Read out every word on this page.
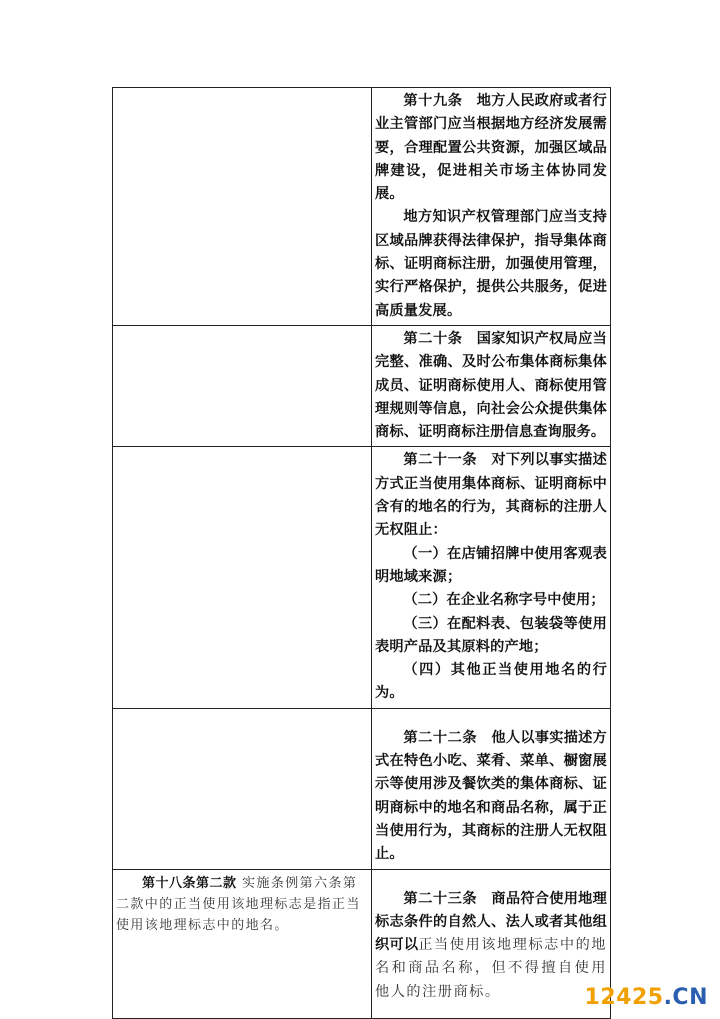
	第十九条 地方人民政府或者行业主管部门应当根据地方经济发展需要，合理配置公共资源，加强区域品牌建设，促进相关市场主体协同发展。

地方知识产权管理部门应当支持区域品牌获得法律保护，指导集体商标、证明商标注册，加强使用管理，实行严格保护，提供公共服务，促进高质量发展。

	第二十条 国家知识产权局应当完整、准确、及时公布集体商标集体成员、证明商标使用人、商标使用管理规则等信息，向社会公众提供集体商标、证明商标注册信息查询服务。

	第二十一条 对下列以事实描述方式正当使用集体商标、证明商标中含有的地名的行为，其商标的注册人无权阻止：

（一）在店铺招牌中使用客观表明地域来源；

（二）在企业名称字号中使用；

（三）在配料表、包装袋等使用表明产品及其原料的产地；

（四）其他正当使用地名的行为。

	第二十二条 他人以事实描述方式在特色小吃、菜肴、菜单、橱窗展示等使用涉及餐饮类的集体商标、证明商标中的地名和商品名称，属于正当使用行为，其商标的注册人无权阻止。

第十八条第二款 实施条例第六条第二款中的正当使用该地理标志是指正当使用该地理标志中的地名。	第二十三条 商品符合使用地理标志条件的自然人、法人或者其他组织可以正当使用该地理标志中的地名和商品名称，但不得擅自使用他人的注册商标。	12425.CN
